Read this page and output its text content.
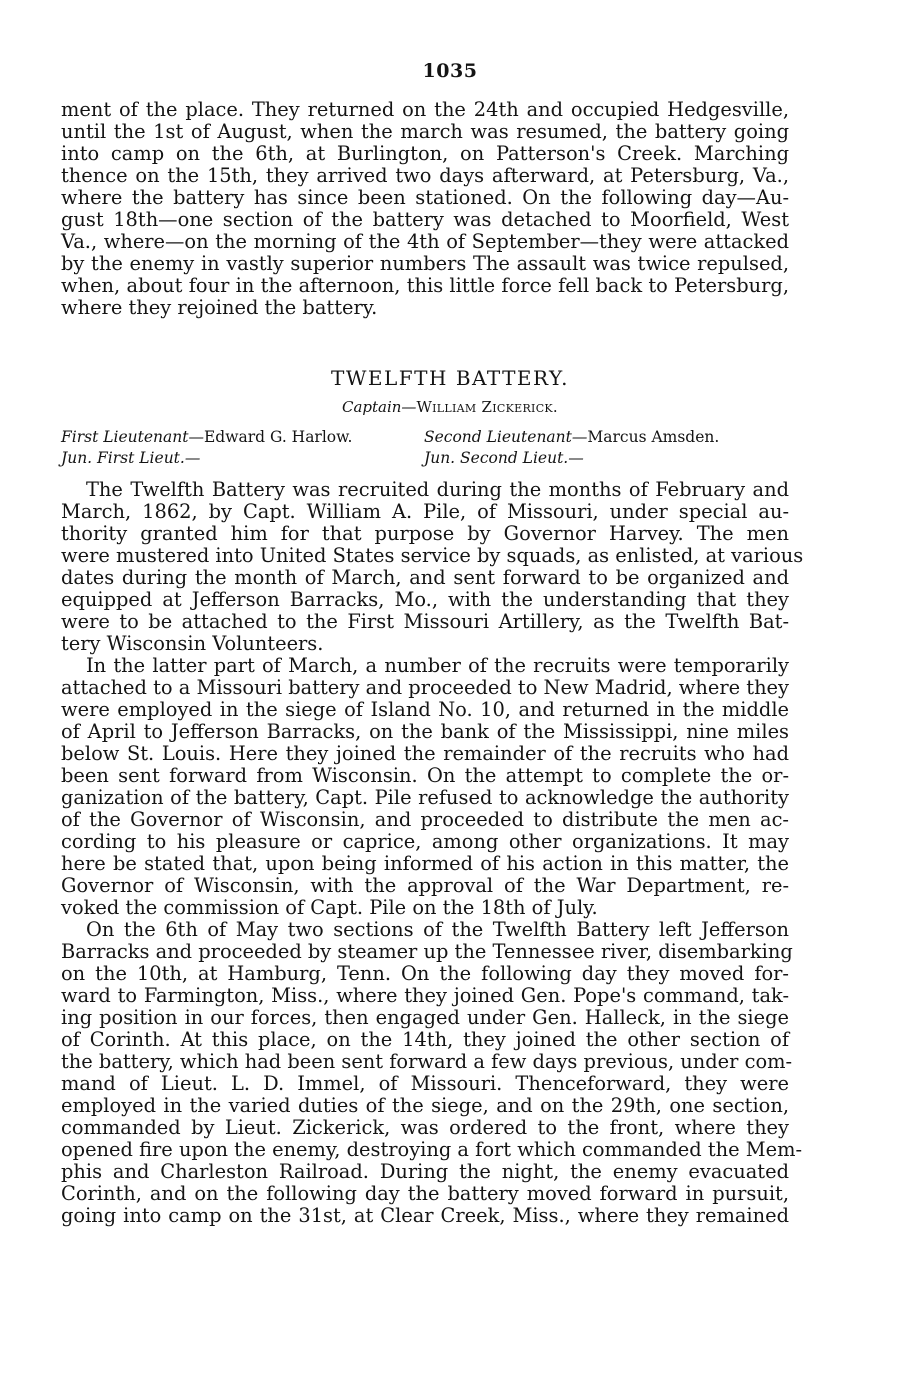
1035
ment of the place. They returned on the 24th and occupied Hedgesville,
until the 1st of August, when the march was resumed, the battery going
into camp on the 6th, at Burlington, on Patterson's Creek. Marching
thence on the 15th, they arrived two days afterward, at Petersburg, Va.,
where the battery has since been stationed. On the following day—Au-
gust 18th—one section of the battery was detached to Moorfield, West
Va., where—on the morning of the 4th of September—they were attacked
by the enemy in vastly superior numbers The assault was twice repulsed,
when, about four in the afternoon, this little force fell back to Petersburg,
where they rejoined the battery.
TWELFTH BATTERY.
Captain—William Zickerick.
First Lieutenant—Edward G. Harlow.	Second Lieutenant—Marcus Amsden.
Jun. First Lieut.—	Jun. Second Lieut.—
The Twelfth Battery was recruited during the months of February and
March, 1862, by Capt. William A. Pile, of Missouri, under special au-
thority granted him for that purpose by Governor Harvey. The men
were mustered into United States service by squads, as enlisted, at various
dates during the month of March, and sent forward to be organized and
equipped at Jefferson Barracks, Mo., with the understanding that they
were to be attached to the First Missouri Artillery, as the Twelfth Bat-
tery Wisconsin Volunteers.
In the latter part of March, a number of the recruits were temporarily
attached to a Missouri battery and proceeded to New Madrid, where they
were employed in the siege of Island No. 10, and returned in the middle
of April to Jefferson Barracks, on the bank of the Mississippi, nine miles
below St. Louis. Here they joined the remainder of the recruits who had
been sent forward from Wisconsin. On the attempt to complete the or-
ganization of the battery, Capt. Pile refused to acknowledge the authority
of the Governor of Wisconsin, and proceeded to distribute the men ac-
cording to his pleasure or caprice, among other organizations. It may
here be stated that, upon being informed of his action in this matter, the
Governor of Wisconsin, with the approval of the War Department, re-
voked the commission of Capt. Pile on the 18th of July.
On the 6th of May two sections of the Twelfth Battery left Jefferson
Barracks and proceeded by steamer up the Tennessee river, disembarking
on the 10th, at Hamburg, Tenn. On the following day they moved for-
ward to Farmington, Miss., where they joined Gen. Pope's command, tak-
ing position in our forces, then engaged under Gen. Halleck, in the siege
of Corinth. At this place, on the 14th, they joined the other section of
the battery, which had been sent forward a few days previous, under com-
mand of Lieut. L. D. Immel, of Missouri. Thenceforward, they were
employed in the varied duties of the siege, and on the 29th, one section,
commanded by Lieut. Zickerick, was ordered to the front, where they
opened fire upon the enemy, destroying a fort which commanded the Mem-
phis and Charleston Railroad. During the night, the enemy evacuated
Corinth, and on the following day the battery moved forward in pursuit,
going into camp on the 31st, at Clear Creek, Miss., where they remained
